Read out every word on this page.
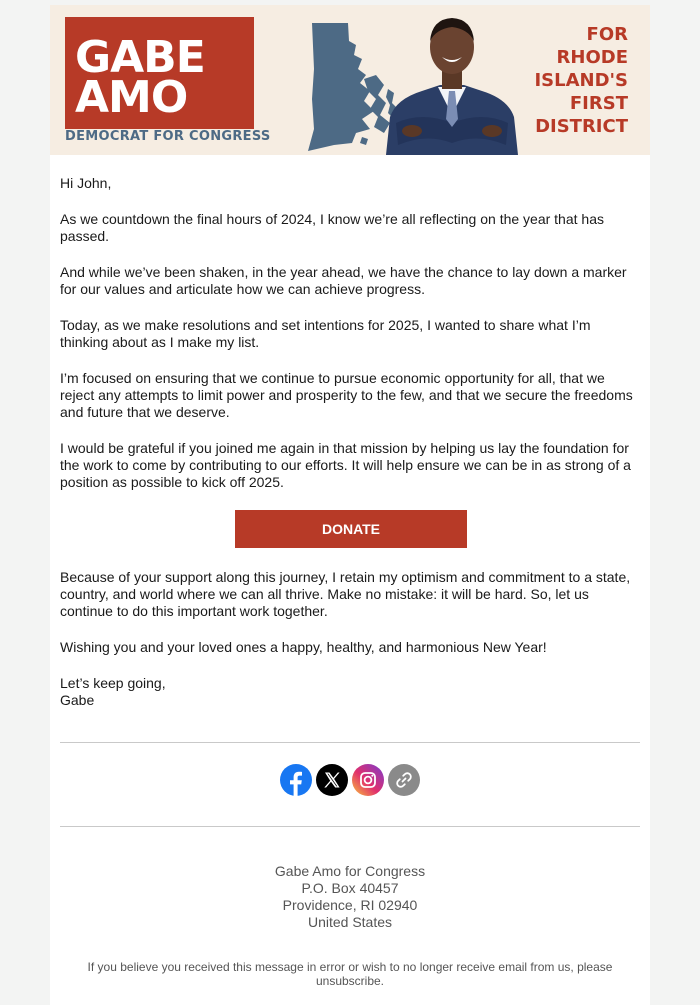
GABE
AMO
DEMOCRAT FOR CONGRESS
FOR
RHODE
ISLAND'S
FIRST
DISTRICT

Hi John,

As we countdown the final hours of 2024, I know we’re all reflecting on the year that has passed.

And while we’ve been shaken, in the year ahead, we have the chance to lay down a marker for our values and articulate how we can achieve progress.

Today, as we make resolutions and set intentions for 2025, I wanted to share what I’m thinking about as I make my list.

I’m focused on ensuring that we continue to pursue economic opportunity for all, that we reject any attempts to limit power and prosperity to the few, and that we secure the freedoms and future that we deserve.

I would be grateful if you joined me again in that mission by helping us lay the foundation for the work to come by contributing to our efforts. It will help ensure we can be in as strong of a position as possible to kick off 2025.

DONATE

Because of your support along this journey, I retain my optimism and commitment to a state, country, and world where we can all thrive. Make no mistake: it will be hard. So, let us continue to do this important work together.

Wishing you and your loved ones a happy, healthy, and harmonious New Year!

Let’s keep going,

Gabe

Gabe Amo for Congress
P.O. Box 40457
Providence, RI 02940
United States
If you believe you received this message in error or wish to no longer receive email from us, please unsubscribe.
